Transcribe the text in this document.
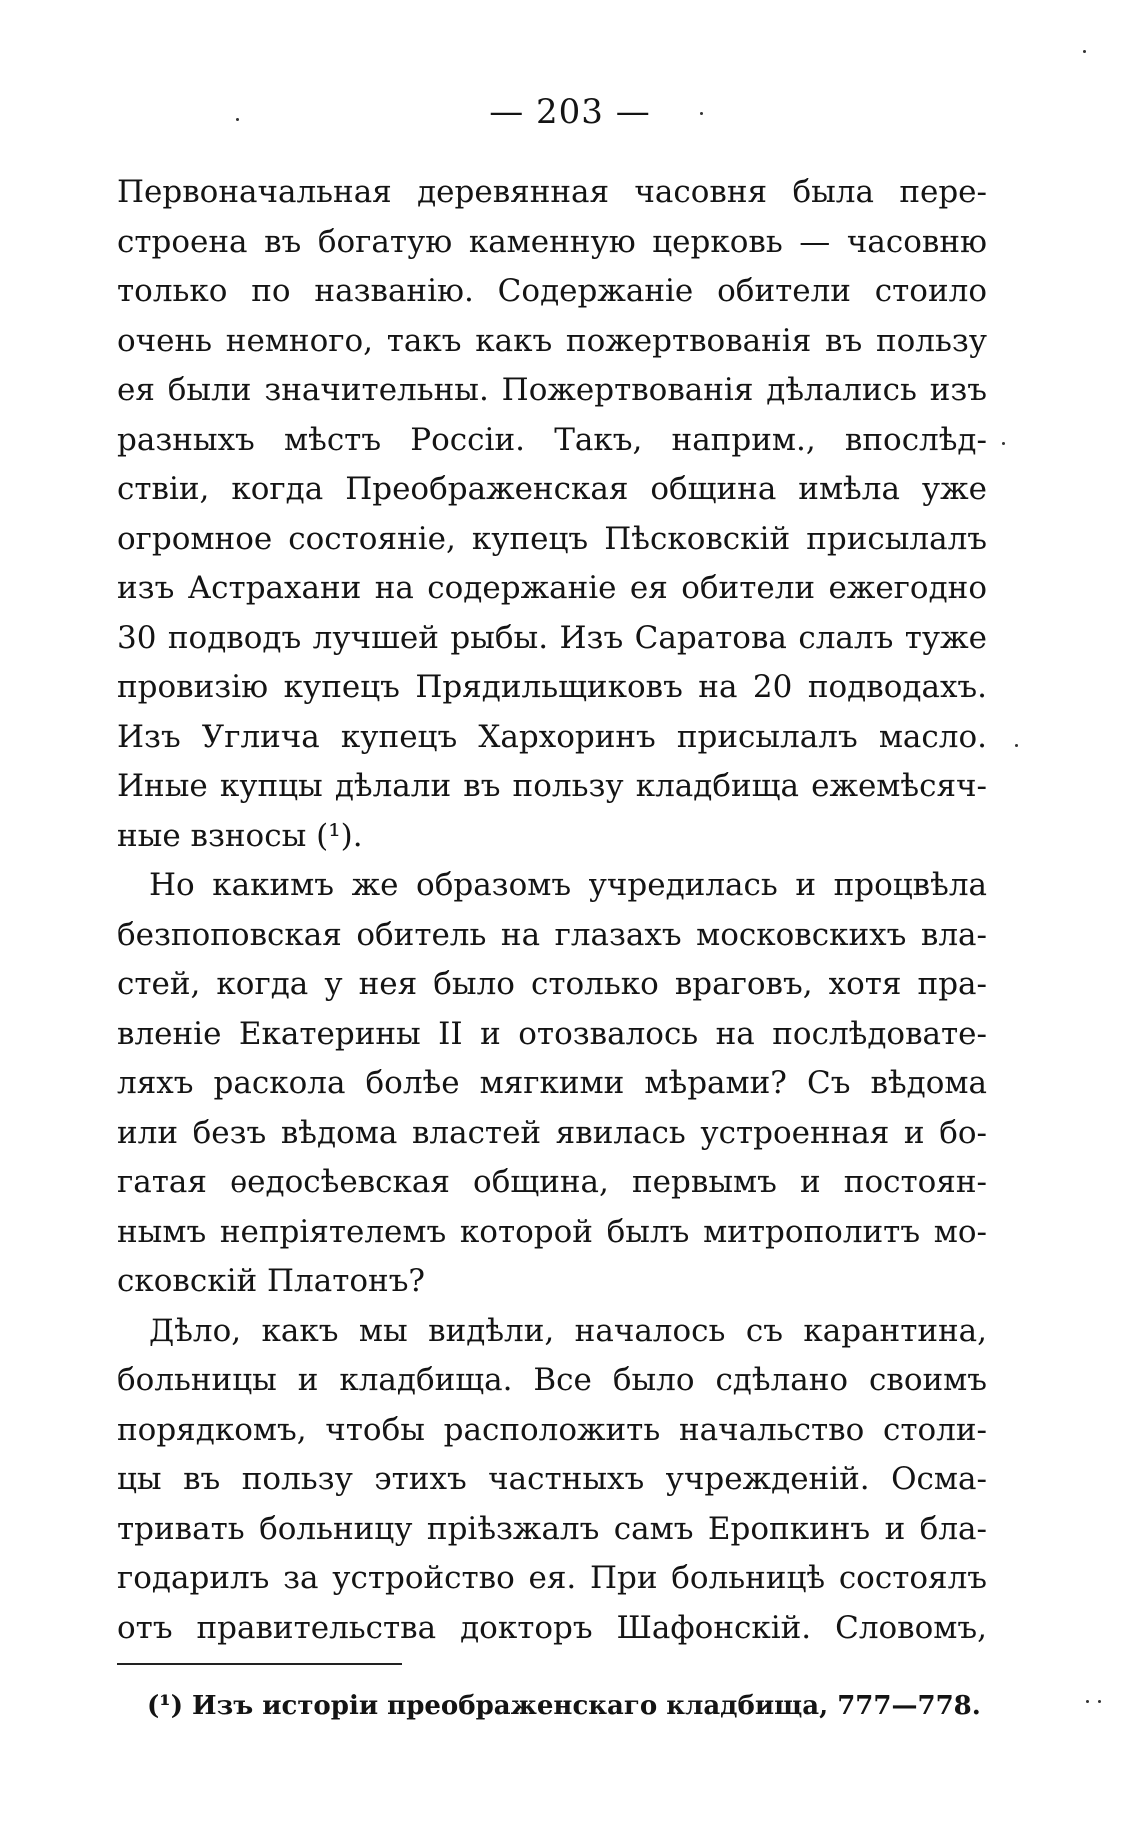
— 203 —
Первоначальная деревянная часовня была пере-
строена въ богатую каменную церковь — часовню
только по названію. Содержаніе обители стоило
очень немного, такъ какъ пожертвованія въ пользу
ея были значительны. Пожертвованія дѣлались изъ
разныхъ мѣстъ Россіи. Такъ, наприм., впослѣд-
ствіи, когда Преображенская община имѣла уже
огромное состояніе, купецъ Пѣсковскій присылалъ
изъ Астрахани на содержаніе ея обители ежегодно
30 подводъ лучшей рыбы. Изъ Саратова слалъ туже
провизію купецъ Прядильщиковъ на 20 подводахъ.
Изъ Углича купецъ Хархоринъ присылалъ масло.
Иные купцы дѣлали въ пользу кладбища ежемѣсяч-
ные взносы (¹).
Но какимъ же образомъ учредилась и процвѣла
безпоповская обитель на глазахъ московскихъ вла-
стей, когда у нея было столько враговъ, хотя пра-
вленіе Екатерины II и отозвалось на послѣдовате-
ляхъ раскола болѣе мягкими мѣрами? Съ вѣдома
или безъ вѣдома властей явилась устроенная и бо-
гатая ѳедосѣевская община, первымъ и постоян-
нымъ непріятелемъ которой былъ митрополитъ мо-
сковскій Платонъ?
Дѣло, какъ мы видѣли, началось съ карантина,
больницы и кладбища. Все было сдѣлано своимъ
порядкомъ, чтобы расположить начальство столи-
цы въ пользу этихъ частныхъ учрежденій. Осма-
тривать больницу пріѣзжалъ самъ Еропкинъ и бла-
годарилъ за устройство ея. При больницѣ состоялъ
отъ правительства докторъ Шафонскій. Словомъ,
(¹) Изъ исторіи преображенскаго кладбища, 777—778.
